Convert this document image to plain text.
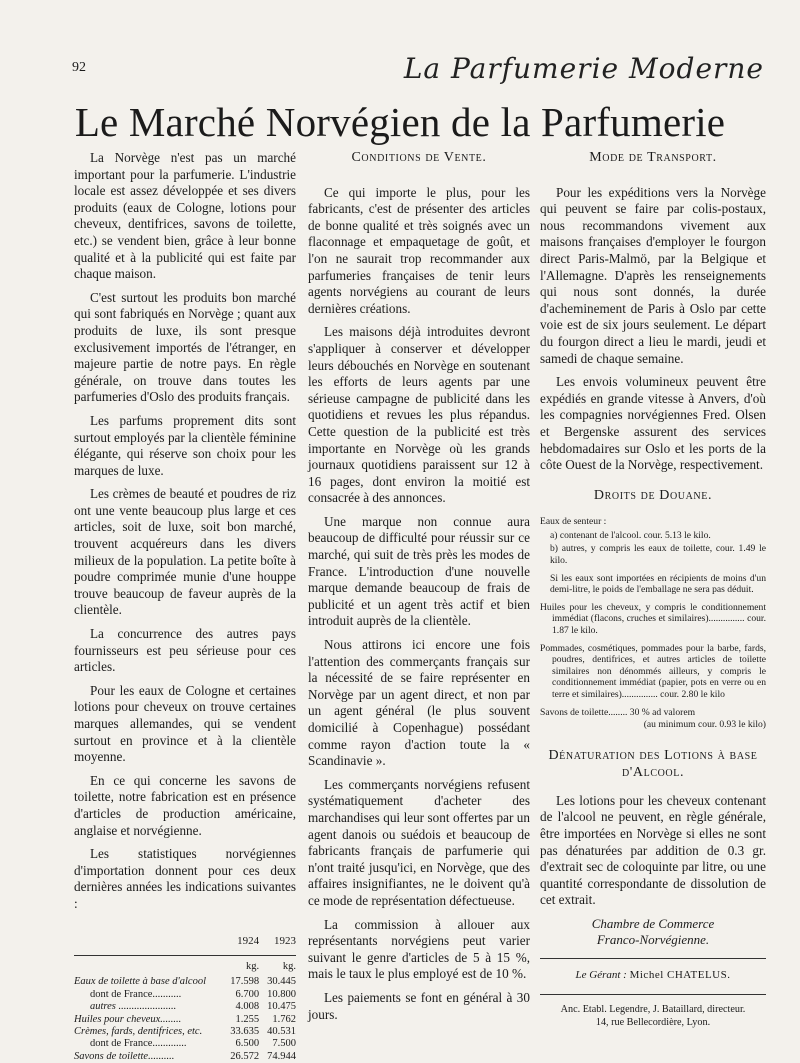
92	La Parfumerie Moderne
Le Marché Norvégien de la Parfumerie

La Norvège n'est pas un marché important pour la parfumerie. L'industrie locale est assez développée et ses divers produits (eaux de Cologne, lotions pour cheveux, dentifrices, savons de toilette, etc.) se vendent bien, grâce à leur bonne qualité et à la publicité qui est faite par chaque maison.

C'est surtout les produits bon marché qui sont fabriqués en Norvège ; quant aux produits de luxe, ils sont presque exclusivement importés de l'étranger, en majeure partie de notre pays. En règle générale, on trouve dans toutes les parfumeries d'Oslo des produits français.

Les parfums proprement dits sont surtout employés par la clientèle féminine élégante, qui réserve son choix pour les marques de luxe.

Les crèmes de beauté et poudres de riz ont une vente beaucoup plus large et ces articles, soit de luxe, soit bon marché, trouvent acquéreurs dans les divers milieux de la population. La petite boîte à poudre comprimée munie d'une houppe trouve beaucoup de faveur auprès de la clientèle.

La concurrence des autres pays fournisseurs est peu sérieuse pour ces articles.

Pour les eaux de Cologne et certaines lotions pour cheveux on trouve certaines marques allemandes, qui se vendent surtout en province et à la clientèle moyenne.

En ce qui concerne les savons de toilette, notre fabrication est en présence d'articles de production américaine, anglaise et norvégienne.

Les statistiques norvégiennes d'importation donnent pour ces deux dernières années les indications suivantes :

	1924	1923
	kg.	kg.
Eaux de toilette à base d'alcool	17.598	30.445
dont de France...........	6.700	10.800
autres ......................	4.008	10.475
Huiles pour cheveux........	1.255	1.762
Crèmes, fards, dentifrices, etc.	33.635	40.531
dont de France.............	6.500	7.500
Savons de toilette..........	26.572	74.944
Conditions de Vente.

Ce qui importe le plus, pour les fabricants, c'est de présenter des articles de bonne qualité et très soignés avec un flaconnage et empaquetage de goût, et l'on ne saurait trop recommander aux parfumeries françaises de tenir leurs agents norvégiens au courant de leurs dernières créations.

Les maisons déjà introduites devront s'appliquer à conserver et développer leurs débouchés en Norvège en soutenant les efforts de leurs agents par une sérieuse campagne de publicité dans les quotidiens et revues les plus répandus. Cette question de la publicité est très importante en Norvège où les grands journaux quotidiens paraissent sur 12 à 16 pages, dont environ la moitié est consacrée à des annonces.

Une marque non connue aura beaucoup de difficulté pour réussir sur ce marché, qui suit de très près les modes de France. L'introduction d'une nouvelle marque demande beaucoup de frais de publicité et un agent très actif et bien introduit auprès de la clientèle.

Nous attirons ici encore une fois l'attention des commerçants français sur la nécessité de se faire représenter en Norvège par un agent direct, et non par un agent général (le plus souvent domicilié à Copenhague) possédant comme rayon d'action toute la « Scandinavie ».

Les commerçants norvégiens refusent systématiquement d'acheter des marchandises qui leur sont offertes par un agent danois ou suédois et beaucoup de fabricants français de parfumerie qui n'ont traité jusqu'ici, en Norvège, que des affaires insignifiantes, ne le doivent qu'à ce mode de représentation défectueuse.

La commission à allouer aux représentants norvégiens peut varier suivant le genre d'articles de 5 à 15 %, mais le taux le plus employé est de 10 %.

Les paiements se font en général à 30 jours.

Mode de Transport.

Pour les expéditions vers la Norvège qui peuvent se faire par colis-postaux, nous recommandons vivement aux maisons françaises d'employer le fourgon direct Paris-Malmö, par la Belgique et l'Allemagne. D'après les renseignements qui nous sont donnés, la durée d'acheminement de Paris à Oslo par cette voie est de six jours seulement. Le départ du fourgon direct a lieu le mardi, jeudi et samedi de chaque semaine.

Les envois volumineux peuvent être expédiés en grande vitesse à Anvers, d'où les compagnies norvégiennes Fred. Olsen et Bergenske assurent des services hebdomadaires sur Oslo et les ports de la côte Ouest de la Norvège, respectivement.

Droits de Douane.
Eaux de senteur :
a) contenant de l'alcool. cour. 5.13 le kilo.
b) autres, y compris les eaux de toilette, cour. 1.49 le kilo.
Si les eaux sont importées en récipients de moins d'un demi-litre, le poids de l'emballage ne sera pas déduit.
Huiles pour les cheveux, y compris le conditionnement immédiat (flacons, cruches et similaires)............... cour. 1.87 le kilo.
Pommades, cosmétiques, pommades pour la barbe, fards, poudres, dentifrices, et autres articles de toilette similaires non dénommés ailleurs, y compris le conditionnement immédiat (papier, pots en verre ou en terre et similaires)............... cour. 2.80 le kilo
Savons de toilette........ 30 % ad valorem
(au minimum cour. 0.93 le kilo)
Dénaturation des Lotions à base d'Alcool.

Les lotions pour les cheveux contenant de l'alcool ne peuvent, en règle générale, être importées en Norvège si elles ne sont pas dénaturées par addition de 0.3 gr. d'extrait sec de coloquinte par litre, ou une quantité correspondante de dissolution de cet extrait.

Chambre de Commerce
Franco-Norvégienne.
Le Gérant : Michel CHATELUS.
Anc. Etabl. Legendre, J. Bataillard, directeur.
14, rue Bellecordière, Lyon.
